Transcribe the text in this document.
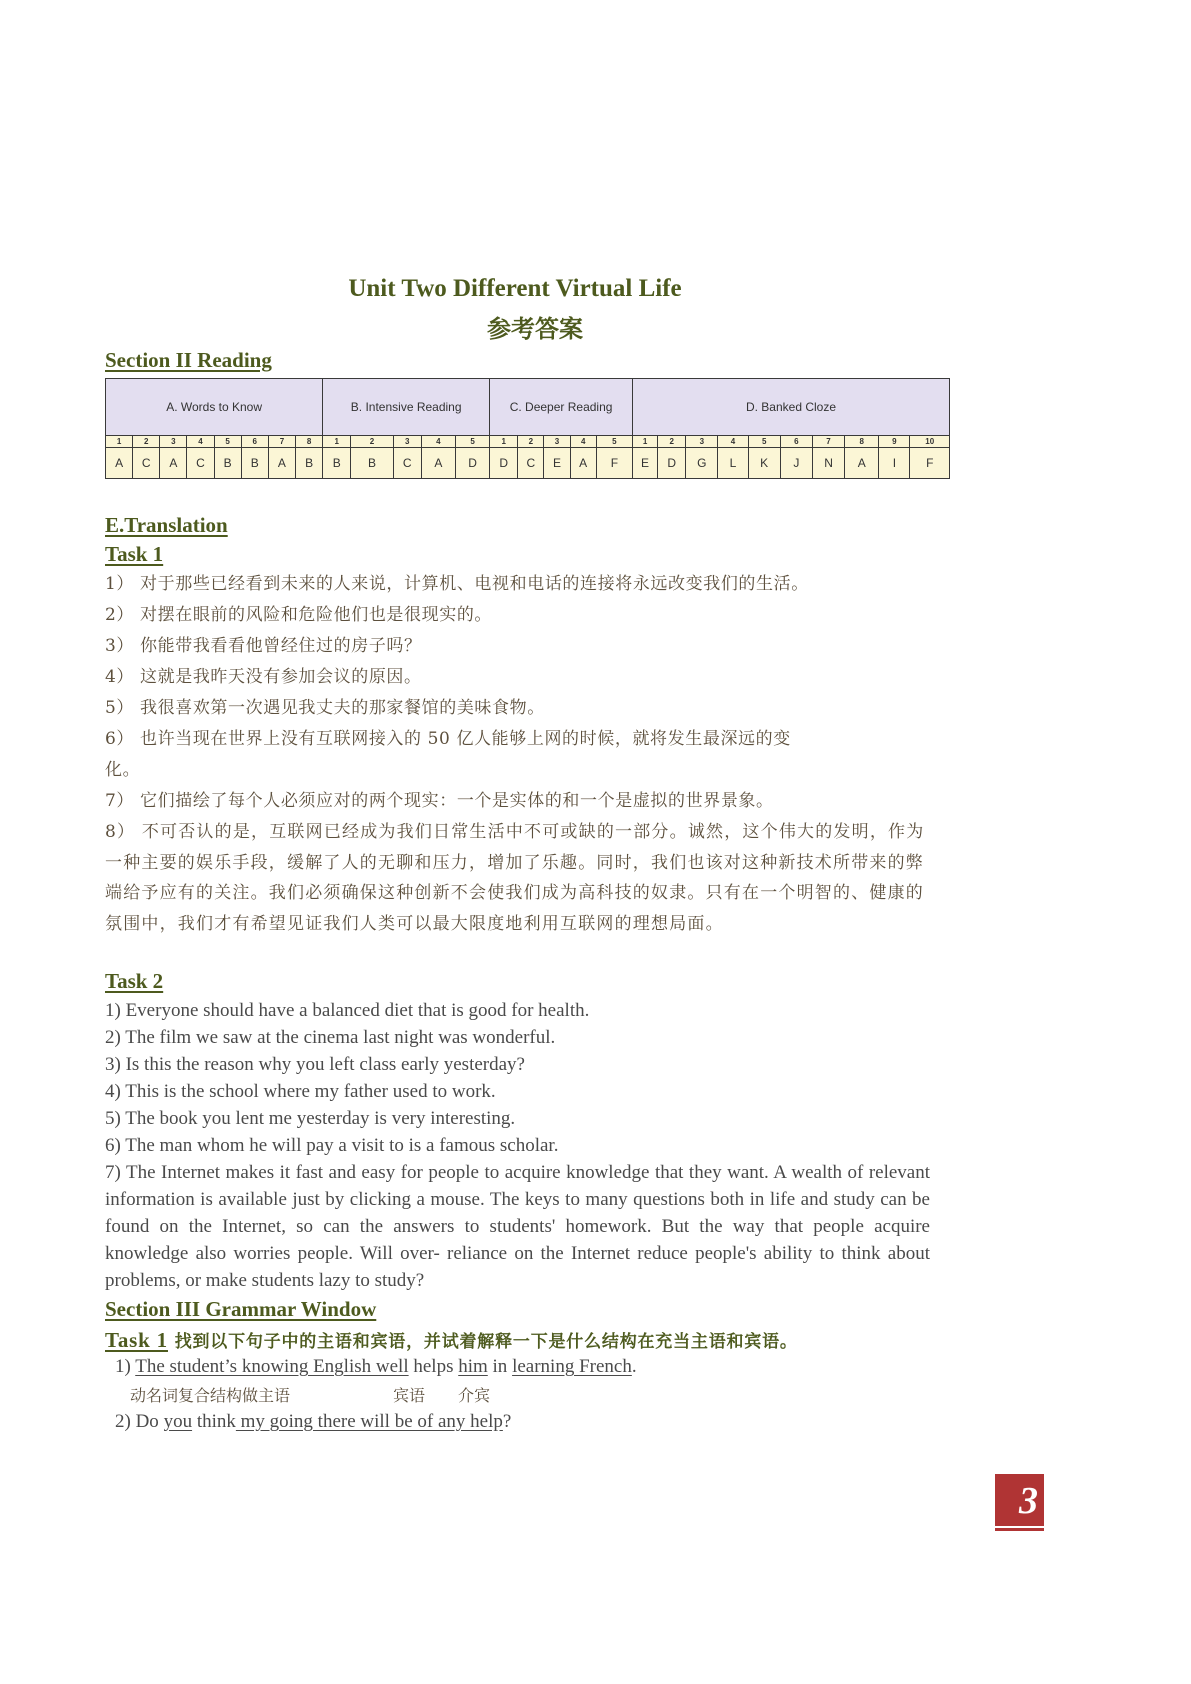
Unit Two Different Virtual Life
参考答案
Section II Reading
A. Words to Know								B. Intensive Reading					C. Deeper Reading					D. Banked Cloze									
1	2	3	4	5	6	7	8	1	2	3	4	5	1	2	3	4	5	1	2	3	4	5	6	7	8	9	10
A	C	A	C	B	B	A	B	B	B	C	A	D	D	C	E	A	F	E	D	G	L	K	J	N	A	I	F
E.Translation
Task 1
1） 对于那些已经看到未来的人来说，计算机、电视和电话的连接将永远改变我们的生活。
2） 对摆在眼前的风险和危险他们也是很现实的。
3） 你能带我看看他曾经住过的房子吗？
4） 这就是我昨天没有参加会议的原因。
5） 我很喜欢第一次遇见我丈夫的那家餐馆的美味食物。
6） 也许当现在世界上没有互联网接入的 50 亿人能够上网的时候，就将发生最深远的变
化。
7） 它们描绘了每个人必须应对的两个现实：一个是实体的和一个是虚拟的世界景象。
8） 不可否认的是，互联网已经成为我们日常生活中不可或缺的一部分。诚然，这个伟大的发明，作为一种主要的娱乐手段，缓解了人的无聊和压力，增加了乐趣。同时，我们也该对这种新技术所带来的弊端给予应有的关注。我们必须确保这种创新不会使我们成为高科技的奴隶。只有在一个明智的、健康的氛围中，我们才有希望见证我们人类可以最大限度地利用互联网的理想局面。
Task 2
1) Everyone should have a balanced diet that is good for health.
2) The film we saw at the cinema last night was wonderful.
3) Is this the reason why you left class early yesterday?
4) This is the school where my father used to work.
5) The book you lent me yesterday is very interesting.
6) The man whom he will pay a visit to is a famous scholar.
7) The Internet makes it fast and easy for people to acquire knowledge that they want. A wealth of relevant information is available just by clicking a mouse. The keys to many questions both in life and study can be found on the Internet, so can the answers to students' homework. But the way that people acquire knowledge also worries people. Will over- reliance on the Internet reduce people's ability to think about problems, or make students lazy to study?
Section III Grammar Window
Task 1 找到以下句子中的主语和宾语，并试着解释一下是什么结构在充当主语和宾语。
1) The student’s knowing English well helps him in learning French.
动名词复合结构做主语	宾语 介宾
2) Do you think my going there will be of any help?
3
